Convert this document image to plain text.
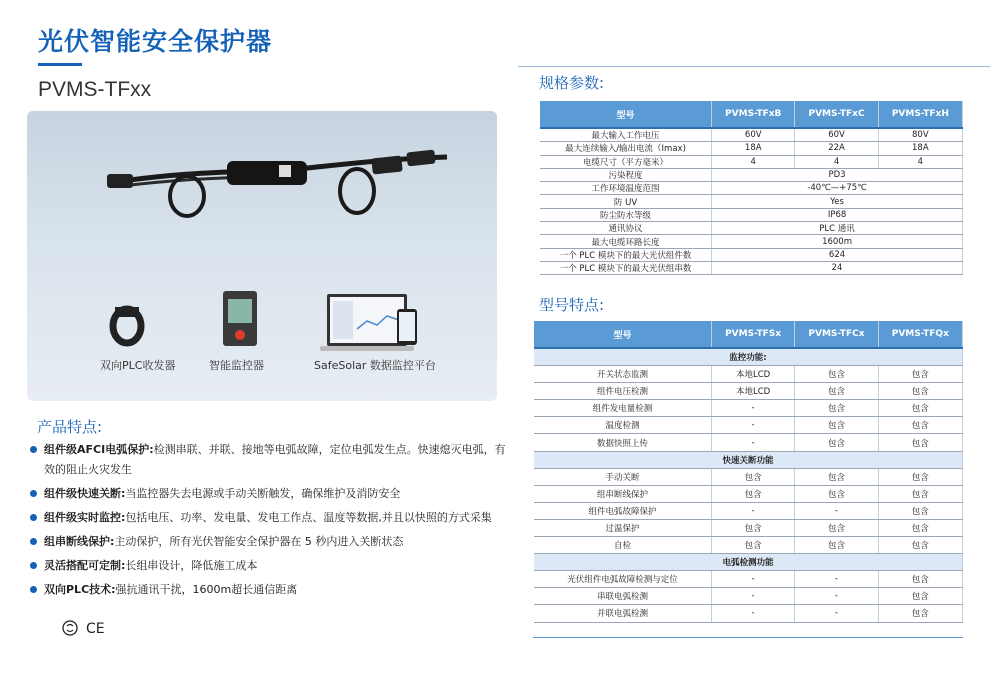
光伏智能安全保护器
PVMS-TFxx
双向PLC收发器	智能监控器	SafeSolar 数据监控平台
产品特点:
组件级AFCI电弧保护:检测串联、并联、接地等电弧故障，定位电弧发生点。快速熄灭电弧，有效的阻止火灾发生
组件级快速关断:当监控器失去电源或手动关断触发，确保维护及消防安全
组件级实时监控:包括电压、功率、发电量、发电工作点、温度等数据,并且以快照的方式采集
组串断线保护:主动保护，所有光伏智能安全保护器在 5 秒内进入关断状态
灵活搭配可定制:长组串设计，降低施工成本
双向PLC技术:强抗通讯干扰，1600m超长通信距离
CE
规格参数:
型号	PVMS-TFxB	PVMS-TFxC	PVMS-TFxH
最大输入工作电压	60V	60V	80V
最大连续输入/输出电流（Imax)	18A	22A	18A
电缆尺寸（平方毫米）	4	4	4
污染程度	PD3		
工作环境温度范围	-40℃—+75℃		
防 UV	Yes		
防尘防水等级	IP68		
通讯协议	PLC 通讯		
最大电缆环路长度	1600m		
一个 PLC 模块下的最大光伏组件数	624		
一个 PLC 模块下的最大光伏组串数	24		
型号特点:
型号	PVMS-TFSx	PVMS-TFCx	PVMS-TFQx
监控功能:			
开关状态监测	本地LCD	包含	包含
组件电压检测	本地LCD	包含	包含
组件发电量检测	-	包含	包含
温度检测	-	包含	包含
数据快照上传	-	包含	包含
快速关断功能			
手动关断	包含	包含	包含
组串断线保护	包含	包含	包含
组件电弧故障保护	-	-	包含
过温保护	包含	包含	包含
自检	包含	包含	包含
电弧检测功能			
光伏组件电弧故障检测与定位	-	-	包含
串联电弧检测	-	-	包含
并联电弧检测	-	-	包含
